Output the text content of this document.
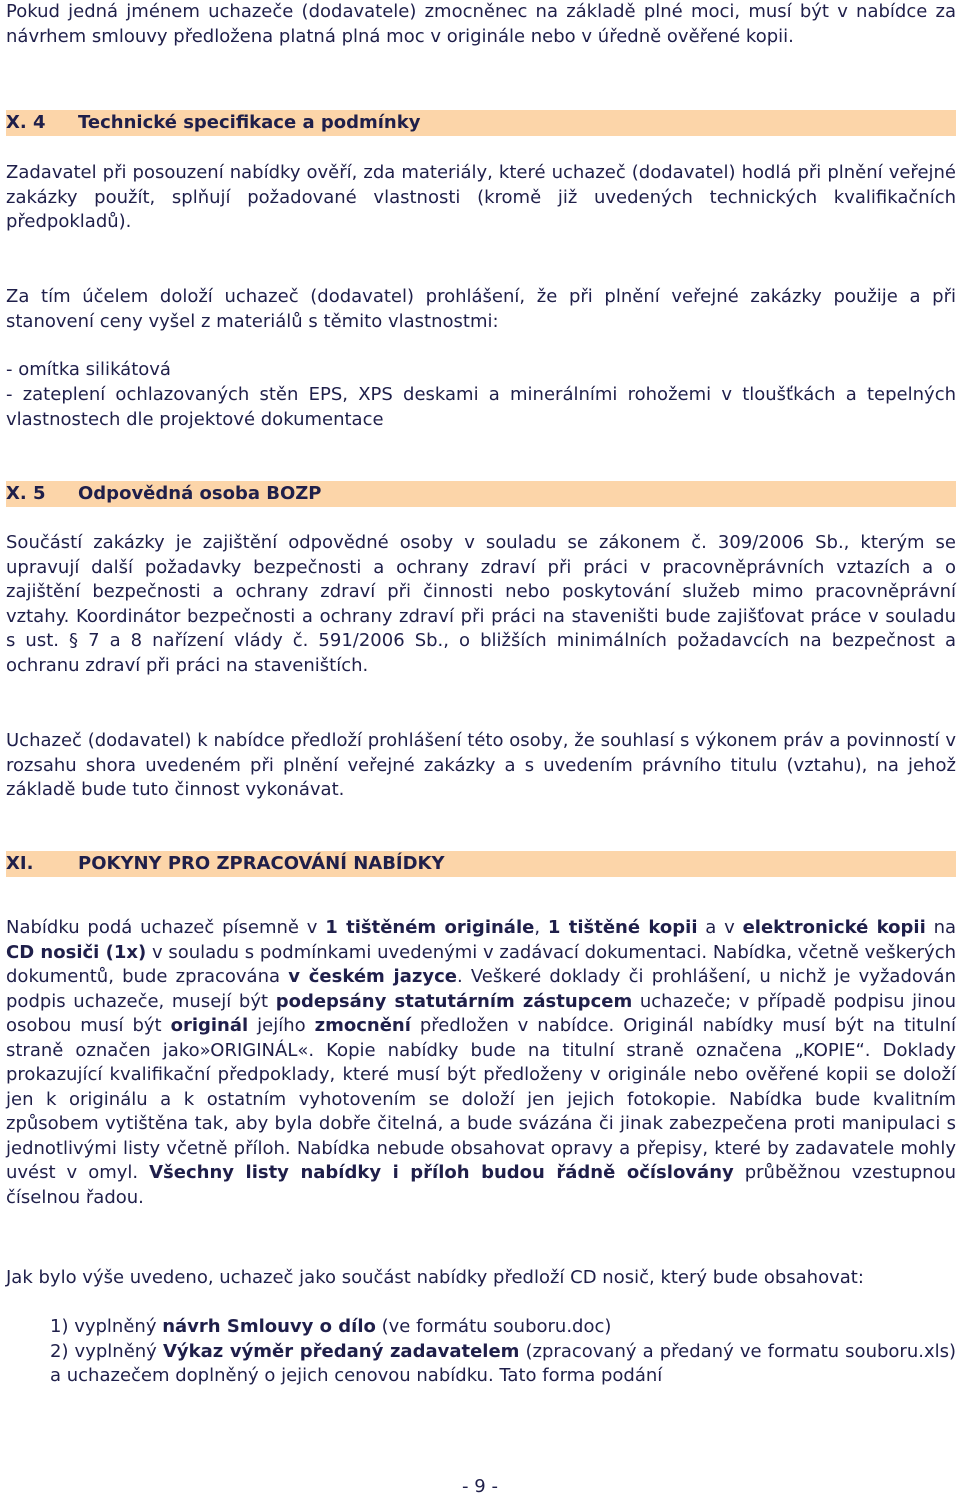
Pokud jedná jménem uchazeče (dodavatele) zmocněnec na základě plné moci, musí být v nabídce za návrhem smlouvy předložena platná plná moc v originále nebo v úředně ověřené kopii.

X. 4 Technické specifikace a podmínky

Zadavatel při posouzení nabídky ověří, zda materiály, které uchazeč (dodavatel) hodlá při plnění veřejné zakázky použít, splňují požadované vlastnosti (kromě již uvedených technických kvalifikačních předpokladů).

Za tím účelem doloží uchazeč (dodavatel) prohlášení, že při plnění veřejné zakázky použije a při stanovení ceny vyšel z materiálů s těmito vlastnostmi:

- omítka silikátová

- zateplení ochlazovaných stěn EPS, XPS deskami a minerálními rohožemi v tloušťkách a tepelných vlastnostech dle projektové dokumentace

X. 5 Odpovědná osoba BOZP

Součástí zakázky je zajištění odpovědné osoby v souladu se zákonem č. 309/2006 Sb., kterým se upravují další požadavky bezpečnosti a ochrany zdraví při práci v pracovněprávních vztazích a o zajištění bezpečnosti a ochrany zdraví při činnosti nebo poskytování služeb mimo pracovněprávní vztahy. Koordinátor bezpečnosti a ochrany zdraví při práci na staveništi bude zajišťovat práce v souladu s ust. § 7 a 8 nařízení vlády č. 591/2006 Sb., o bližších minimálních požadavcích na bezpečnost a ochranu zdraví při práci na staveništích.

Uchazeč (dodavatel) k nabídce předloží prohlášení této osoby, že souhlasí s výkonem práv a povinností v rozsahu shora uvedeném při plnění veřejné zakázky a s uvedením právního titulu (vztahu), na jehož základě bude tuto činnost vykonávat.

XI. POKYNY PRO ZPRACOVÁNÍ NABÍDKY

Nabídku podá uchazeč písemně v 1 tištěném originále, 1 tištěné kopii a v elektronické kopii na CD nosiči (1x) v souladu s podmínkami uvedenými v zadávací dokumentaci. Nabídka, včetně veškerých dokumentů, bude zpracována v českém jazyce. Veškeré doklady či prohlášení, u nichž je vyžadován podpis uchazeče, musejí být podepsány statutárním zástupcem uchazeče; v případě podpisu jinou osobou musí být originál jejího zmocnění předložen v nabídce. Originál nabídky musí být na titulní straně označen jako»ORIGINÁL«. Kopie nabídky bude na titulní straně označena „KOPIE“. Doklady prokazující kvalifikační předpoklady, které musí být předloženy v originále nebo ověřené kopii se doloží jen k originálu a k ostatním vyhotovením se doloží jen jejich fotokopie. Nabídka bude kvalitním způsobem vytištěna tak, aby byla dobře čitelná, a bude svázána či jinak zabezpečena proti manipulaci s jednotlivými listy včetně příloh. Nabídka nebude obsahovat opravy a přepisy, které by zadavatele mohly uvést v omyl. Všechny listy nabídky i příloh budou řádně očíslovány průběžnou vzestupnou číselnou řadou.

Jak bylo výše uvedeno, uchazeč jako součást nabídky předloží CD nosič, který bude obsahovat:

1) vyplněný návrh Smlouvy o dílo (ve formátu souboru.doc)

2) vyplněný Výkaz výměr předaný zadavatelem (zpracovaný a předaný ve formatu souboru.xls) a uchazečem doplněný o jejich cenovou nabídku. Tato forma podání

- 9 -
